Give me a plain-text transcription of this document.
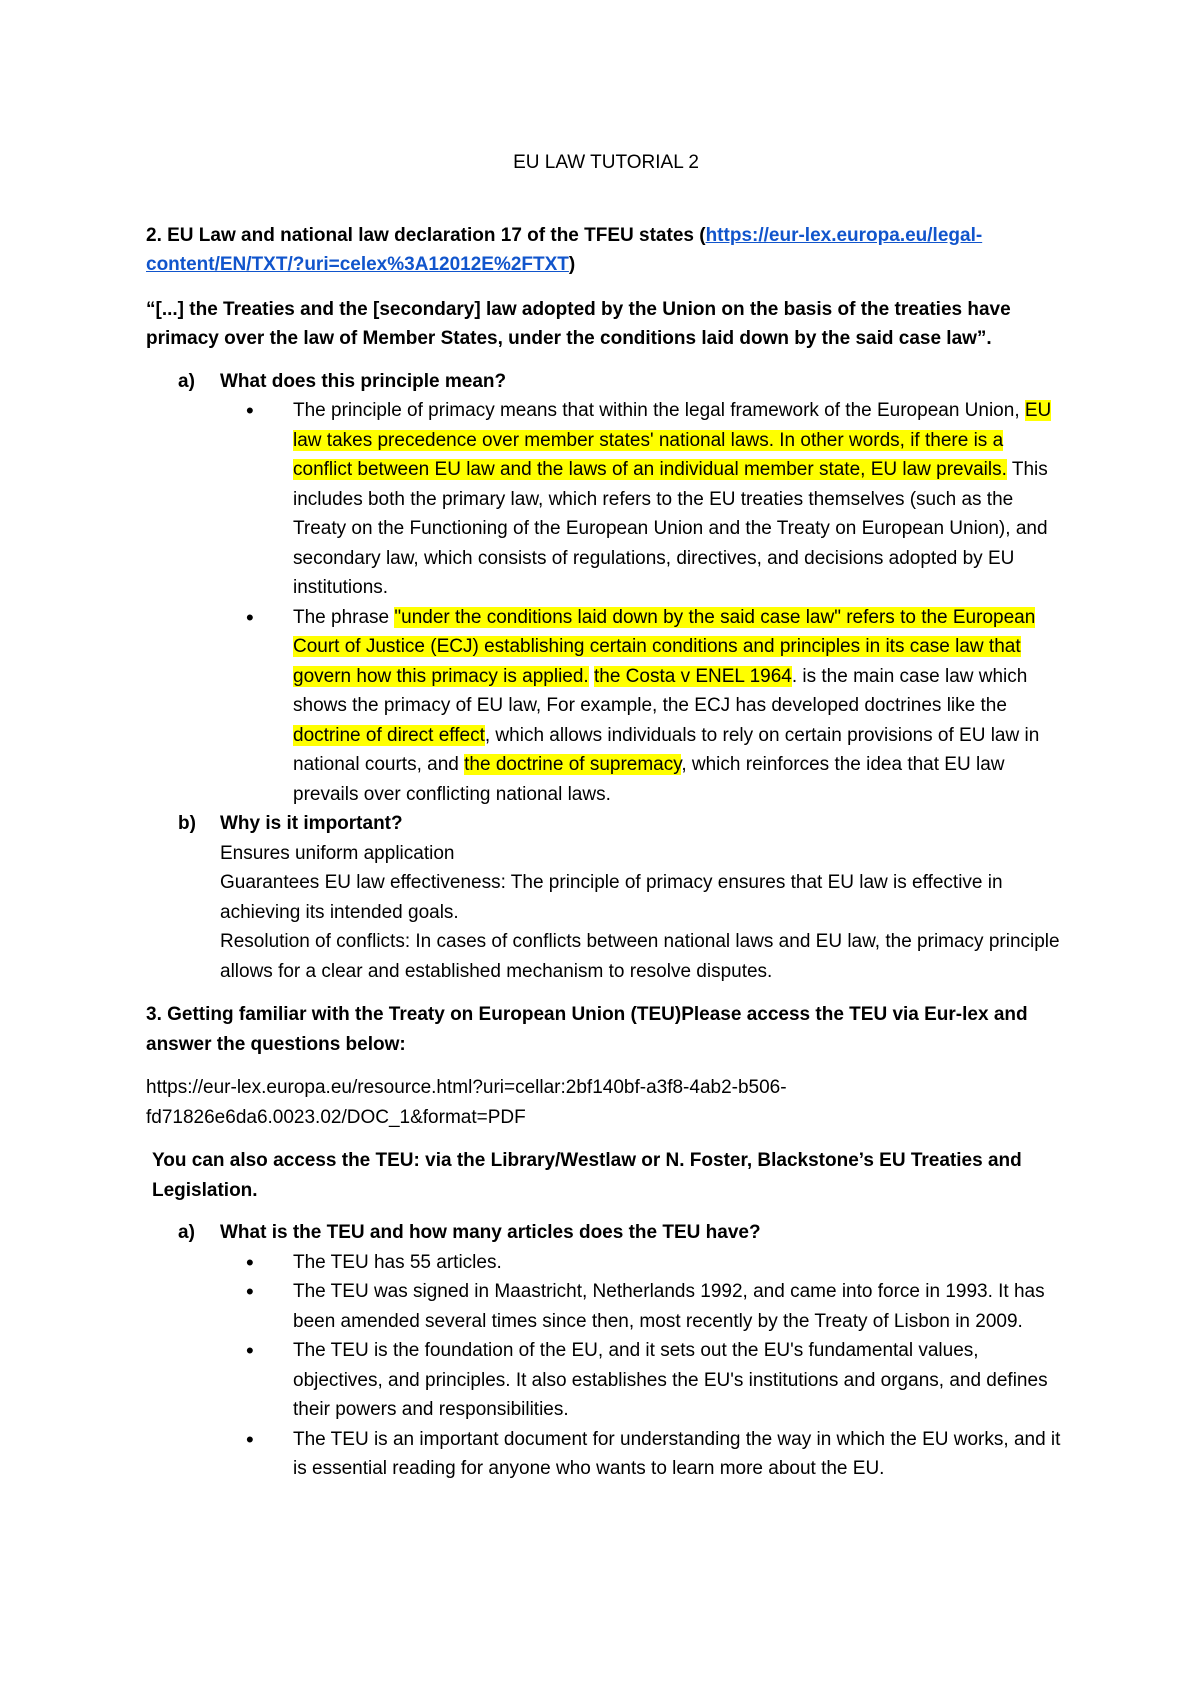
EU LAW TUTORIAL 2

2. EU Law and national law declaration 17 of the TFEU states (https://eur-lex.europa.eu/legal-content/EN/TXT/?uri=celex%3A12012E%2FTXT)

“[...] the Treaties and the [secondary] law adopted by the Union on the basis of the treaties have primacy over the law of Member States, under the conditions laid down by the said case law”.

a)	What does this principle mean?
• The principle of primacy means that within the legal framework of the European Union, EU law takes precedence over member states' national laws. In other words, if there is a conflict between EU law and the laws of an individual member state, EU law prevails. This includes both the primary law, which refers to the EU treaties themselves (such as the Treaty on the Functioning of the European Union and the Treaty on European Union), and secondary law, which consists of regulations, directives, and decisions adopted by EU institutions.
• The phrase "under the conditions laid down by the said case law" refers to the European Court of Justice (ECJ) establishing certain conditions and principles in its case law that govern how this primacy is applied. the Costa v ENEL 1964. is the main case law which shows the primacy of EU law, For example, the ECJ has developed doctrines like the doctrine of direct effect, which allows individuals to rely on certain provisions of EU law in national courts, and the doctrine of supremacy, which reinforces the idea that EU law prevails over conflicting national laws.
b)	Why is it important?

Ensures uniform application

Guarantees EU law effectiveness: The principle of primacy ensures that EU law is effective in achieving its intended goals.

Resolution of conflicts: In cases of conflicts between national laws and EU law, the primacy principle allows for a clear and established mechanism to resolve disputes.

3. Getting familiar with the Treaty on European Union (TEU)Please access the TEU via Eur-lex and answer the questions below:

https://eur-lex.europa.eu/resource.html?uri=cellar:2bf140bf-a3f8-4ab2-b506-fd71826e6da6.0023.02/DOC_1&format=PDF

You can also access the TEU: via the Library/Westlaw or N. Foster, Blackstone’s EU Treaties and Legislation.

a)	What is the TEU and how many articles does the TEU have?
• The TEU has 55 articles.
• The TEU was signed in Maastricht, Netherlands 1992, and came into force in 1993. It has been amended several times since then, most recently by the Treaty of Lisbon in 2009.
• The TEU is the foundation of the EU, and it sets out the EU's fundamental values, objectives, and principles. It also establishes the EU's institutions and organs, and defines their powers and responsibilities.
• The TEU is an important document for understanding the way in which the EU works, and it is essential reading for anyone who wants to learn more about the EU.
